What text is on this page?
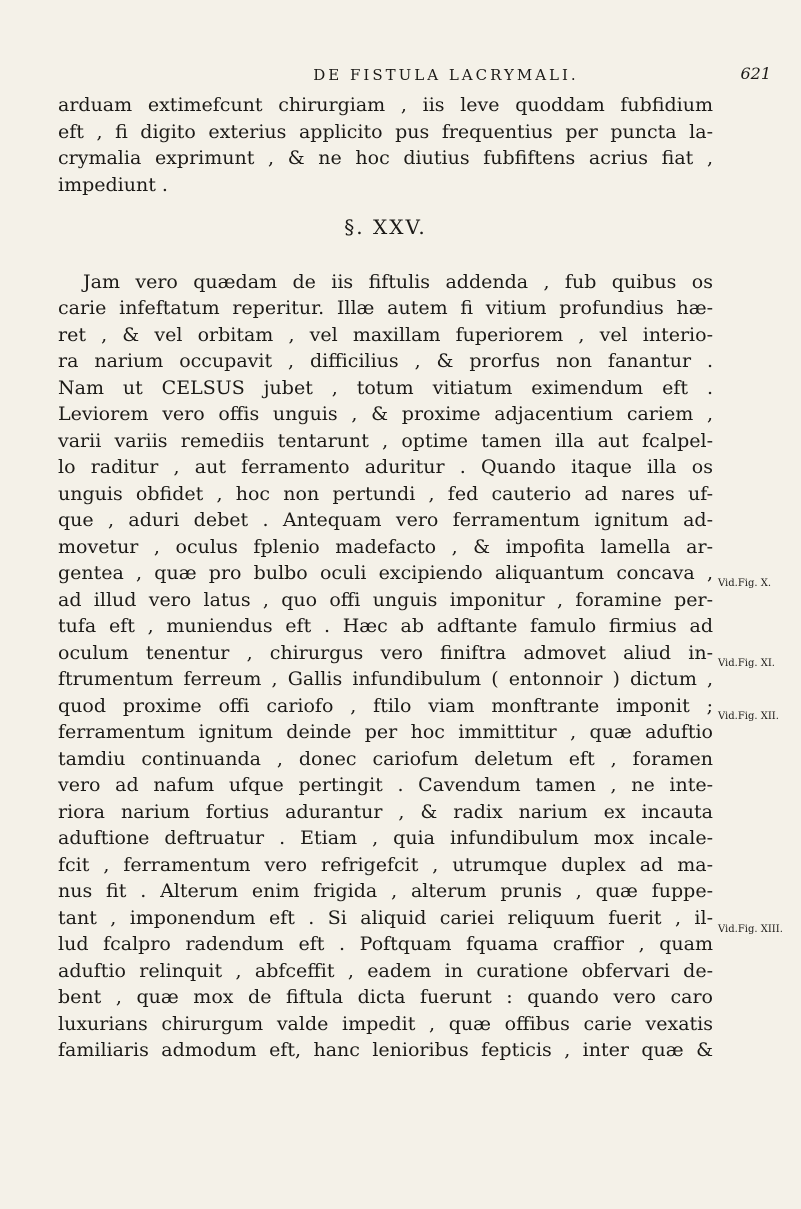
DE FISTULA LACRYMALI.	621
arduam extimefcunt chirurgiam , iis leve quoddam fubfidium
eft , fi digito exterius applicito pus frequentius per puncta la-
crymalia exprimunt , & ne hoc diutius fubfiftens acrius fiat ,
impediunt .
§. XXV.
Jam vero quædam de iis fiftulis addenda , fub quibus os
carie infeftatum reperitur. Illæ autem fi vitium profundius hæ-
ret , & vel orbitam , vel maxillam fuperiorem , vel interio-
ra narium occupavit , difficilius , & prorfus non fanantur .
Nam ut CELSUS jubet , totum vitiatum eximendum eft .
Leviorem vero offis unguis , & proxime adjacentium cariem ,
varii variis remediis tentarunt , optime tamen illa aut fcalpel-
lo raditur , aut ferramento aduritur . Quando itaque illa os
unguis obfidet , hoc non pertundi , fed cauterio ad nares uf-
que , aduri debet . Antequam vero ferramentum ignitum ad-
movetur , oculus fplenio madefacto , & impofita lamella ar-
gentea , quæ pro bulbo oculi excipiendo aliquantum concava ,
ad illud vero latus , quo offi unguis imponitur , foramine per-
tufa eft , muniendus eft . Hæc ab adftante famulo firmius ad
oculum tenentur , chirurgus vero finiftra admovet aliud in-
ftrumentum ferreum , Gallis infundibulum ( entonnoir ) dictum ,
quod proxime offi cariofo , ftilo viam monftrante imponit ;
ferramentum ignitum deinde per hoc immittitur , quæ aduftio
tamdiu continuanda , donec cariofum deletum eft , foramen
vero ad nafum ufque pertingit . Cavendum tamen , ne inte-
riora narium fortius adurantur , & radix narium ex incauta
aduftione deftruatur . Etiam , quia infundibulum mox incale-
fcit , ferramentum vero refrigefcit , utrumque duplex ad ma-
nus fit . Alterum enim frigida , alterum prunis , quæ fuppe-
tant , imponendum eft . Si aliquid cariei reliquum fuerit , il-
lud fcalpro radendum eft . Poftquam fquama craffior , quam
aduftio relinquit , abfceffit , eadem in curatione obfervari de-
bent , quæ mox de fiftula dicta fuerunt : quando vero caro
luxurians chirurgum valde impedit , quæ offibus carie vexatis
familiaris admodum eft, hanc lenioribus fepticis , inter quæ &
Vid.Fig. X.
Vid.Fig. XI.
Vid.Fig. XII.
Vid.Fig. XIII.
